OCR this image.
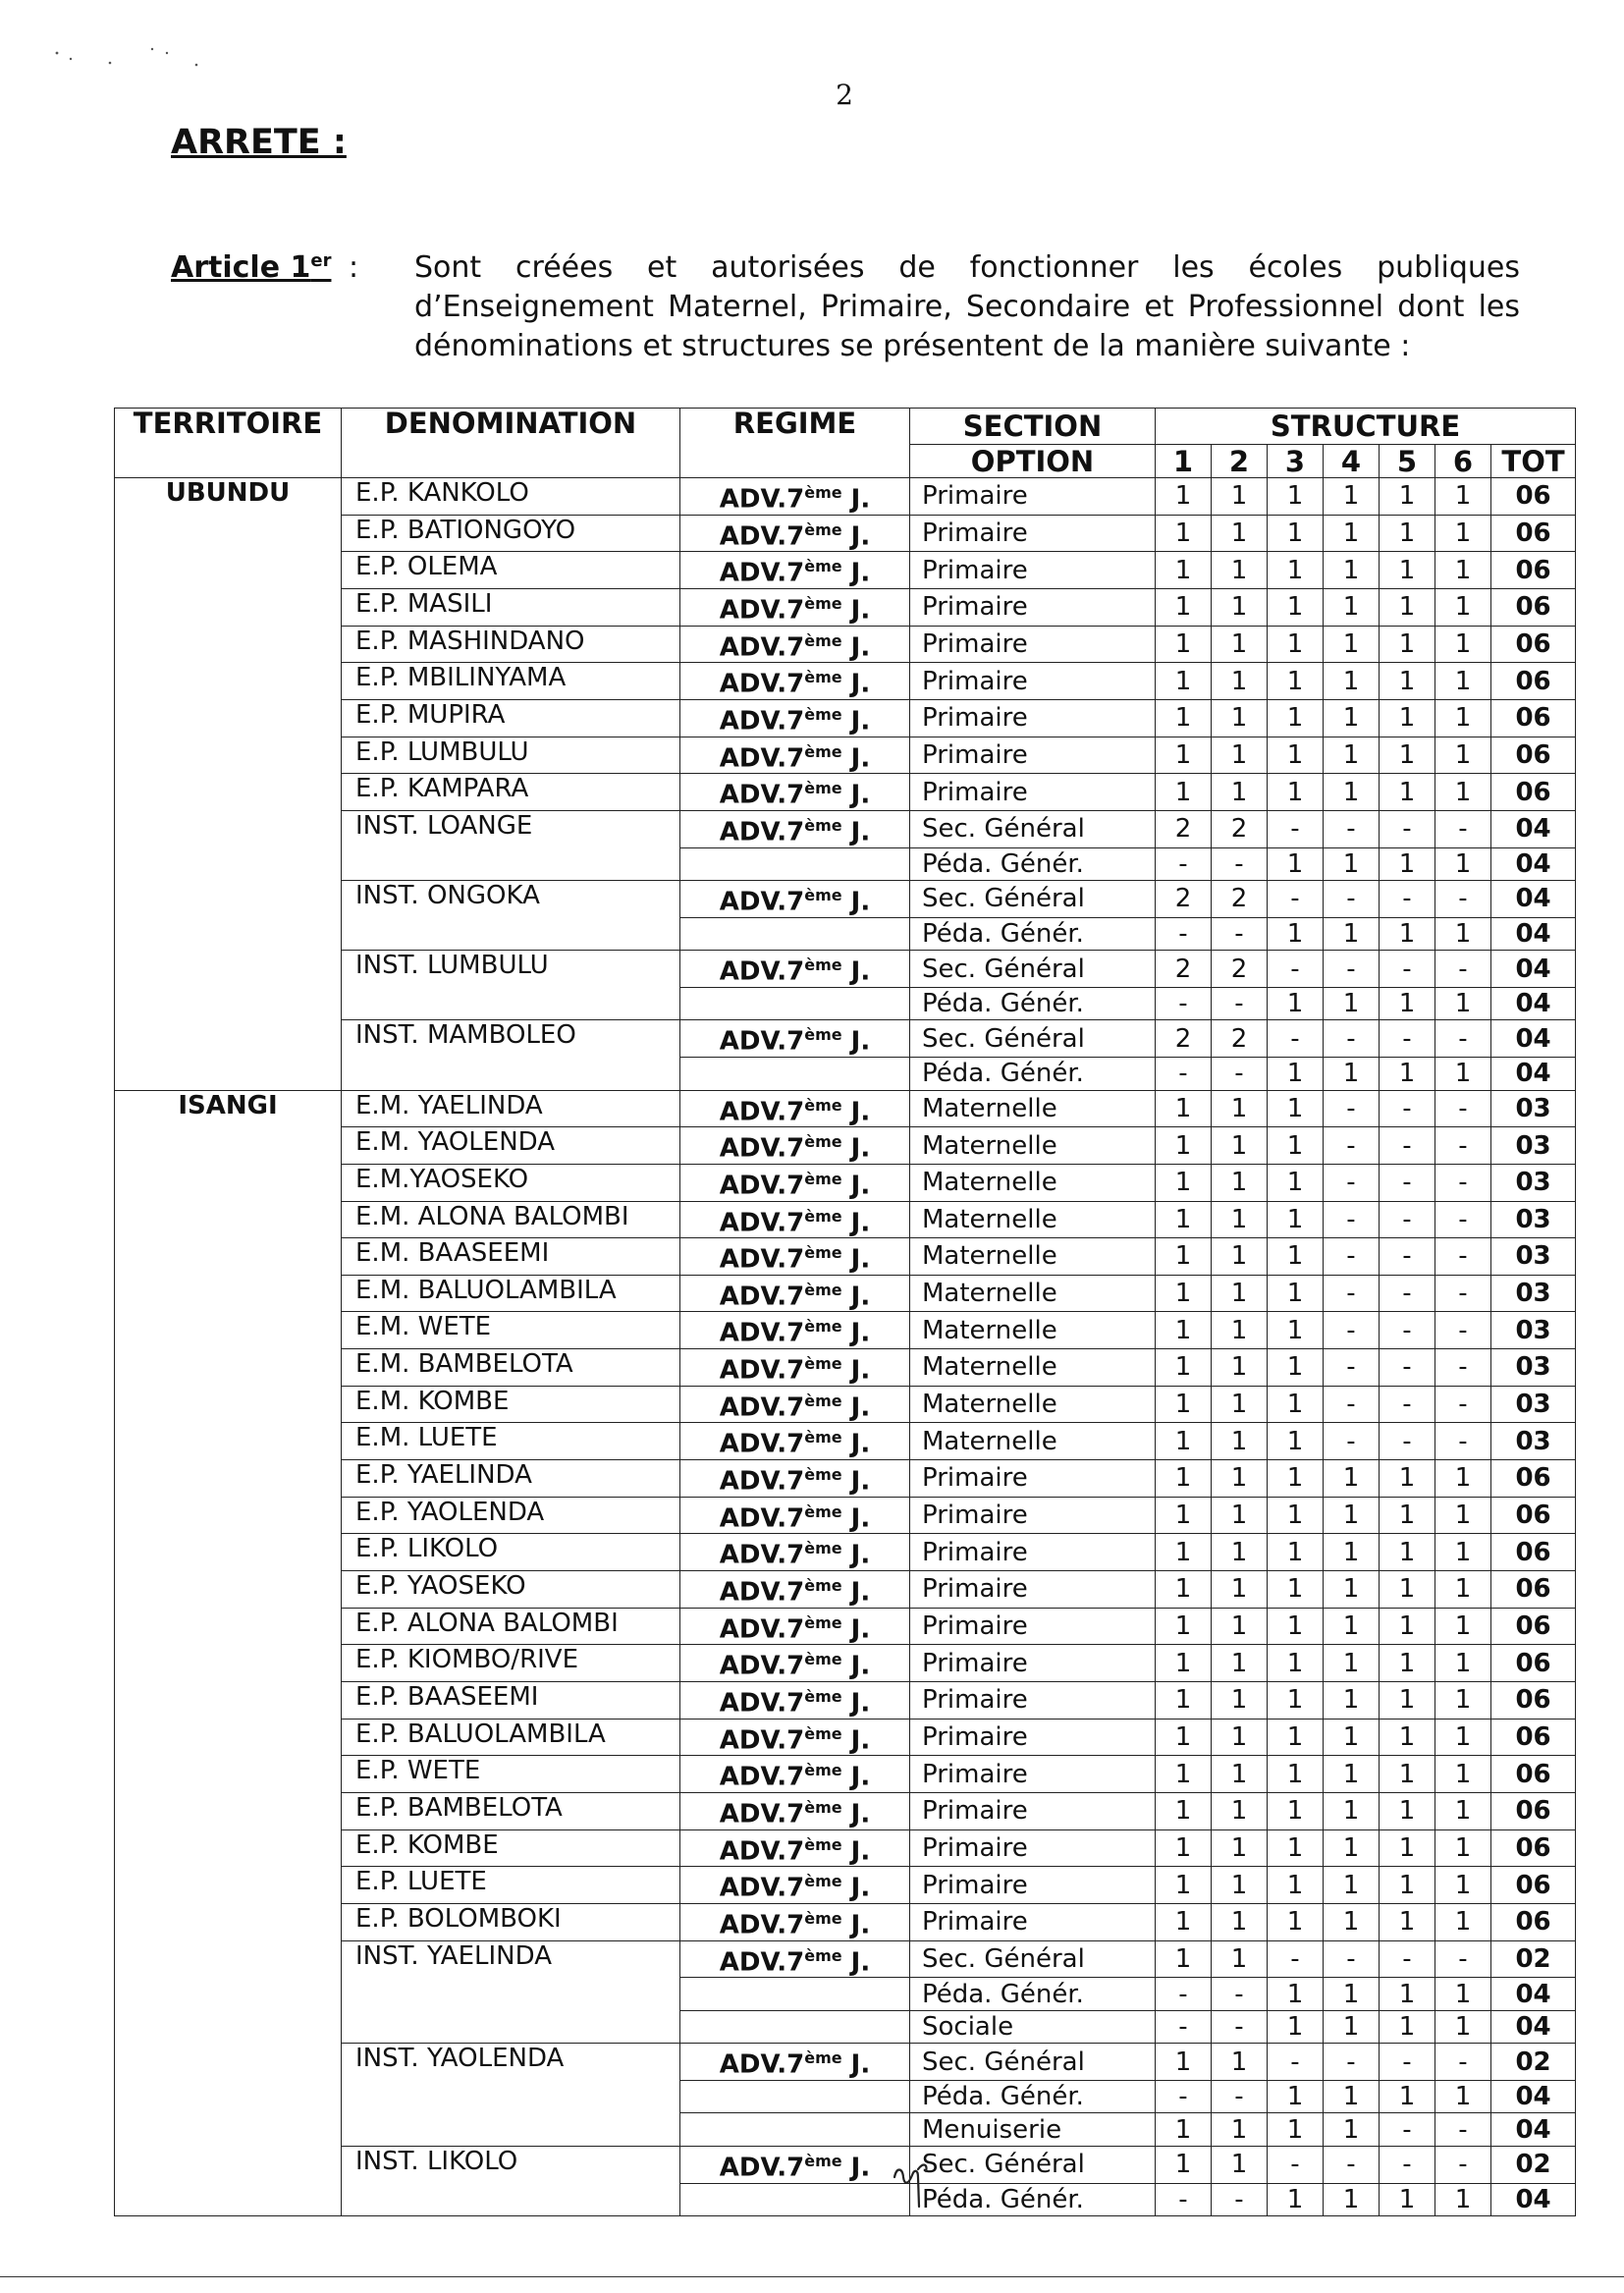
2
ARRETE :
Article 1er : Sont créées et autorisées de fonctionner les écoles publiques d’Enseignement Maternel, Primaire, Secondaire et Professionnel dont les dénominations et structures se présentent de la manière suivante :
TERRITOIRE	DENOMINATION	REGIME	SECTION	STRUCTURE						
			OPTION	1	2	3	4	5	6	TOT
UBUNDU	E.P. KANKOLO	ADV.7ème J.	Primaire	1	1	1	1	1	1	06
	E.P. BATIONGOYO	ADV.7ème J.	Primaire	1	1	1	1	1	1	06
	E.P. OLEMA	ADV.7ème J.	Primaire	1	1	1	1	1	1	06
	E.P. MASILI	ADV.7ème J.	Primaire	1	1	1	1	1	1	06
	E.P. MASHINDANO	ADV.7ème J.	Primaire	1	1	1	1	1	1	06
	E.P. MBILINYAMA	ADV.7ème J.	Primaire	1	1	1	1	1	1	06
	E.P. MUPIRA	ADV.7ème J.	Primaire	1	1	1	1	1	1	06
	E.P. LUMBULU	ADV.7ème J.	Primaire	1	1	1	1	1	1	06
	E.P. KAMPARA	ADV.7ème J.	Primaire	1	1	1	1	1	1	06
	INST. LOANGE	ADV.7ème J.	Sec. Général	2	2	-	-	-	-	04
			Péda. Génér.	-	-	1	1	1	1	04
	INST. ONGOKA	ADV.7ème J.	Sec. Général	2	2	-	-	-	-	04
			Péda. Génér.	-	-	1	1	1	1	04
	INST. LUMBULU	ADV.7ème J.	Sec. Général	2	2	-	-	-	-	04
			Péda. Génér.	-	-	1	1	1	1	04
	INST. MAMBOLEO	ADV.7ème J.	Sec. Général	2	2	-	-	-	-	04
			Péda. Génér.	-	-	1	1	1	1	04
ISANGI	E.M. YAELINDA	ADV.7ème J.	Maternelle	1	1	1	-	-	-	03
	E.M. YAOLENDA	ADV.7ème J.	Maternelle	1	1	1	-	-	-	03
	E.M.YAOSEKO	ADV.7ème J.	Maternelle	1	1	1	-	-	-	03
	E.M. ALONA BALOMBI	ADV.7ème J.	Maternelle	1	1	1	-	-	-	03
	E.M. BAASEEMI	ADV.7ème J.	Maternelle	1	1	1	-	-	-	03
	E.M. BALUOLAMBILA	ADV.7ème J.	Maternelle	1	1	1	-	-	-	03
	E.M. WETE	ADV.7ème J.	Maternelle	1	1	1	-	-	-	03
	E.M. BAMBELOTA	ADV.7ème J.	Maternelle	1	1	1	-	-	-	03
	E.M. KOMBE	ADV.7ème J.	Maternelle	1	1	1	-	-	-	03
	E.M. LUETE	ADV.7ème J.	Maternelle	1	1	1	-	-	-	03
	E.P. YAELINDA	ADV.7ème J.	Primaire	1	1	1	1	1	1	06
	E.P. YAOLENDA	ADV.7ème J.	Primaire	1	1	1	1	1	1	06
	E.P. LIKOLO	ADV.7ème J.	Primaire	1	1	1	1	1	1	06
	E.P. YAOSEKO	ADV.7ème J.	Primaire	1	1	1	1	1	1	06
	E.P. ALONA BALOMBI	ADV.7ème J.	Primaire	1	1	1	1	1	1	06
	E.P. KIOMBO/RIVE	ADV.7ème J.	Primaire	1	1	1	1	1	1	06
	E.P. BAASEEMI	ADV.7ème J.	Primaire	1	1	1	1	1	1	06
	E.P. BALUOLAMBILA	ADV.7ème J.	Primaire	1	1	1	1	1	1	06
	E.P. WETE	ADV.7ème J.	Primaire	1	1	1	1	1	1	06
	E.P. BAMBELOTA	ADV.7ème J.	Primaire	1	1	1	1	1	1	06
	E.P. KOMBE	ADV.7ème J.	Primaire	1	1	1	1	1	1	06
	E.P. LUETE	ADV.7ème J.	Primaire	1	1	1	1	1	1	06
	E.P. BOLOMBOKI	ADV.7ème J.	Primaire	1	1	1	1	1	1	06
	INST. YAELINDA	ADV.7ème J.	Sec. Général	1	1	-	-	-	-	02
			Péda. Génér.	-	-	1	1	1	1	04
			Sociale	-	-	1	1	1	1	04
	INST. YAOLENDA	ADV.7ème J.	Sec. Général	1	1	-	-	-	-	02
			Péda. Génér.	-	-	1	1	1	1	04
			Menuiserie	1	1	1	1	-	-	04
	INST. LIKOLO	ADV.7ème J.	Sec. Général	1	1	-	-	-	-	02
			Péda. Génér.	-	-	1	1	1	1	04
